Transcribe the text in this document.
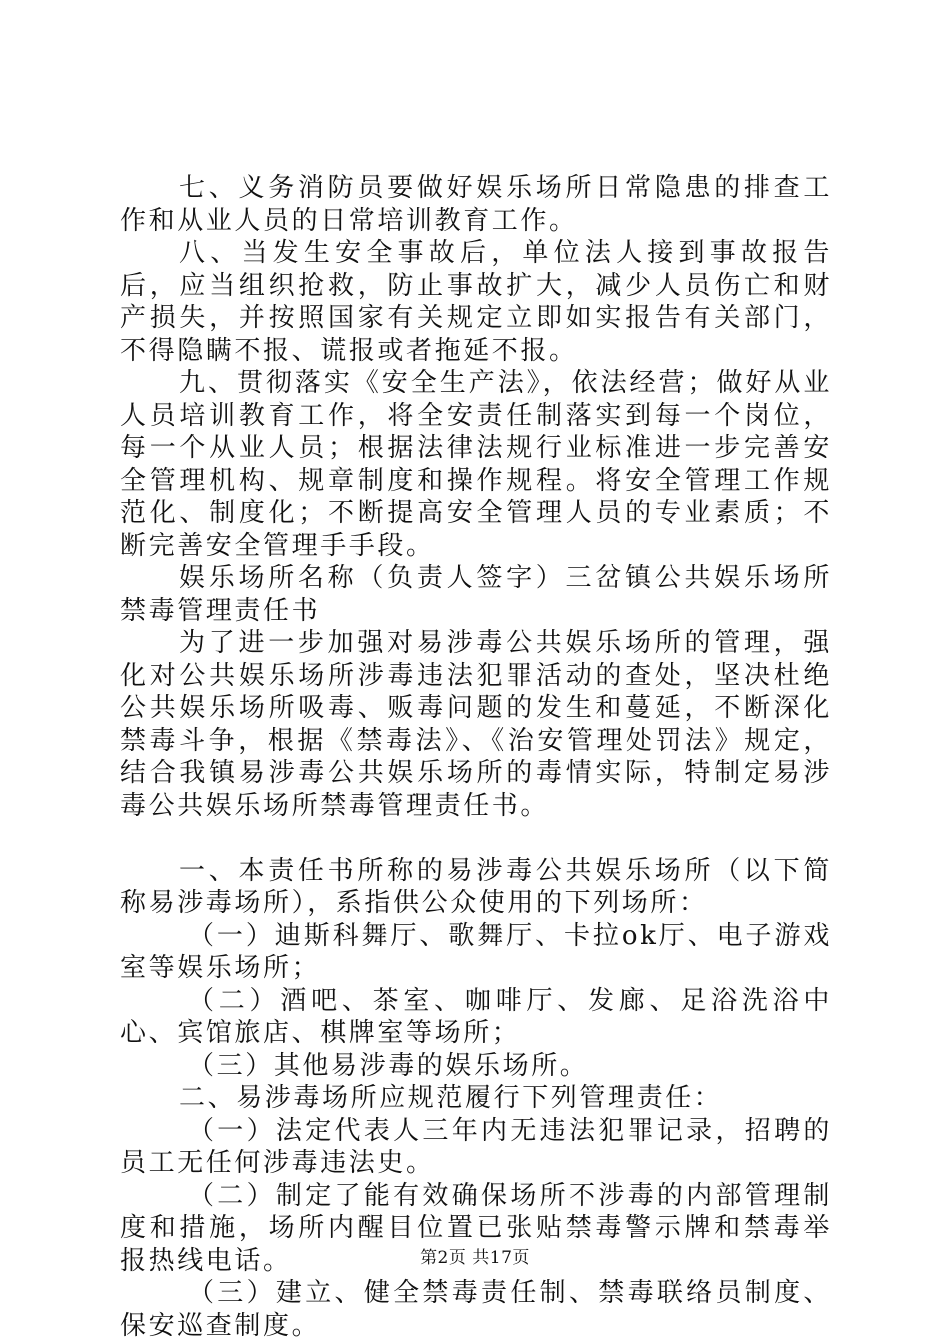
七、义务消防员要做好娱乐场所日常隐患的排查工作和从业人员的日常培训教育工作。

八、当发生安全事故后，单位法人接到事故报告后，应当组织抢救，防止事故扩大，减少人员伤亡和财产损失，并按照国家有关规定立即如实报告有关部门，不得隐瞒不报、谎报或者拖延不报。

九、贯彻落实《安全生产法》，依法经营；做好从业人员培训教育工作，将全安责任制落实到每一个岗位，每一个从业人员；根据法律法规行业标准进一步完善安全管理机构、规章制度和操作规程。将安全管理工作规范化、制度化；不断提高安全管理人员的专业素质；不断完善安全管理手手段。

娱乐场所名称（负责人签字）三岔镇公共娱乐场所禁毒管理责任书

为了进一步加强对易涉毒公共娱乐场所的管理，强化对公共娱乐场所涉毒违法犯罪活动的查处，坚决杜绝公共娱乐场所吸毒、贩毒问题的发生和蔓延，不断深化禁毒斗争，根据《禁毒法》、《治安管理处罚法》规定，结合我镇易涉毒公共娱乐场所的毒情实际，特制定易涉毒公共娱乐场所禁毒管理责任书。

一、本责任书所称的易涉毒公共娱乐场所（以下简称易涉毒场所），系指供公众使用的下列场所：

（一）迪斯科舞厅、歌舞厅、卡拉ok厅、电子游戏室等娱乐场所；

（二）酒吧、茶室、咖啡厅、发廊、足浴洗浴中心、宾馆旅店、棋牌室等场所；

（三）其他易涉毒的娱乐场所。

二、易涉毒场所应规范履行下列管理责任：

（一）法定代表人三年内无违法犯罪记录，招聘的员工无任何涉毒违法史。

（二）制定了能有效确保场所不涉毒的内部管理制度和措施，场所内醒目位置已张贴禁毒警示牌和禁毒举报热线电话。

（三）建立、健全禁毒责任制、禁毒联络员制度、保安巡查制度。

第2页 共17页
